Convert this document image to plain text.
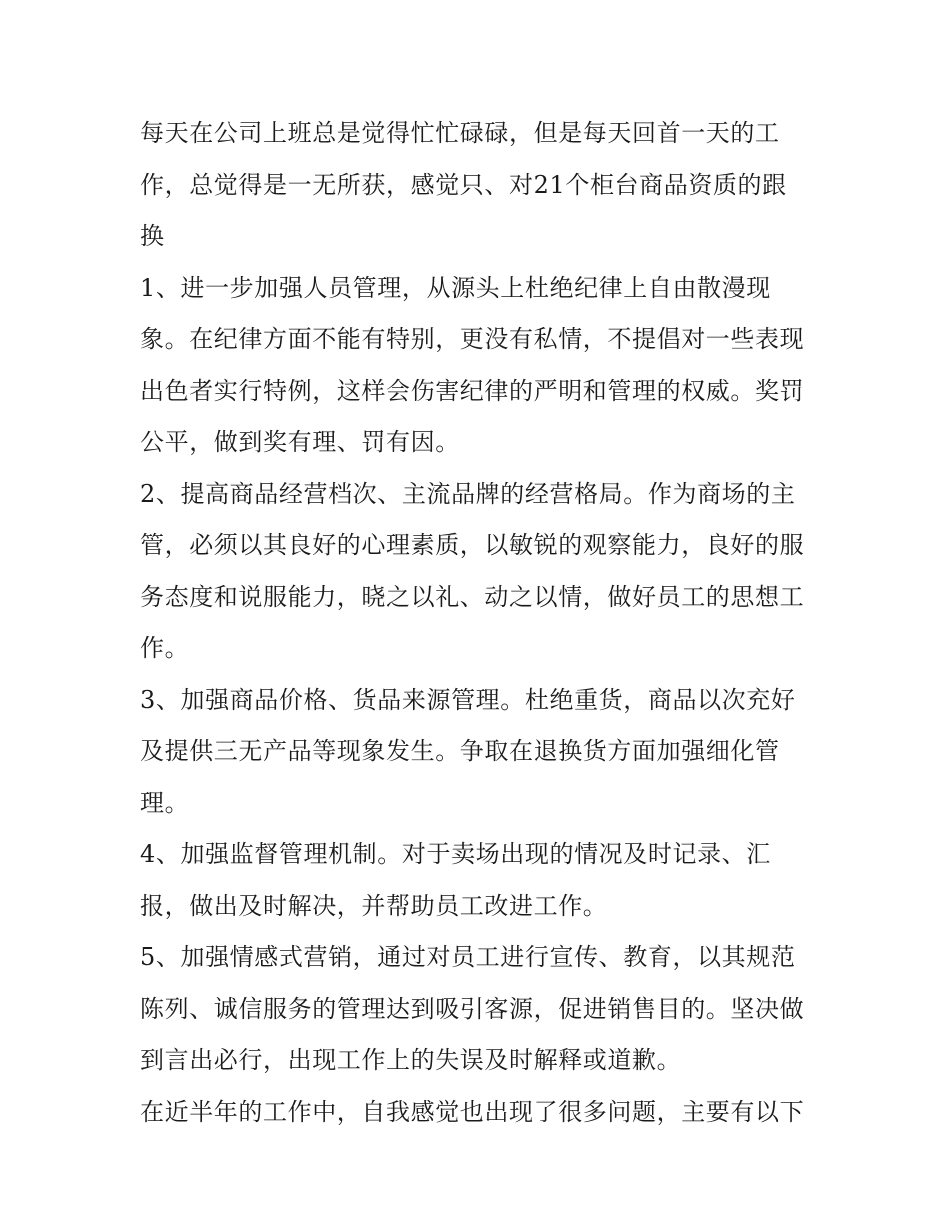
每天在公司上班总是觉得忙忙碌碌，但是每天回首一天的工
作，总觉得是一无所获，感觉只、对21个柜台商品资质的跟
换
1、进一步加强人员管理，从源头上杜绝纪律上自由散漫现
象。在纪律方面不能有特别，更没有私情，不提倡对一些表现
出色者实行特例，这样会伤害纪律的严明和管理的权威。奖罚
公平，做到奖有理、罚有因。
2、提高商品经营档次、主流品牌的经营格局。作为商场的主
管，必须以其良好的心理素质，以敏锐的观察能力，良好的服
务态度和说服能力，晓之以礼、动之以情，做好员工的思想工
作。
3、加强商品价格、货品来源管理。杜绝重货，商品以次充好
及提供三无产品等现象发生。争取在退换货方面加强细化管
理。
4、加强监督管理机制。对于卖场出现的情况及时记录、汇
报，做出及时解决，并帮助员工改进工作。
5、加强情感式营销，通过对员工进行宣传、教育，以其规范
陈列、诚信服务的管理达到吸引客源，促进销售目的。坚决做
到言出必行，出现工作上的失误及时解释或道歉。
在近半年的工作中，自我感觉也出现了很多问题，主要有以下
